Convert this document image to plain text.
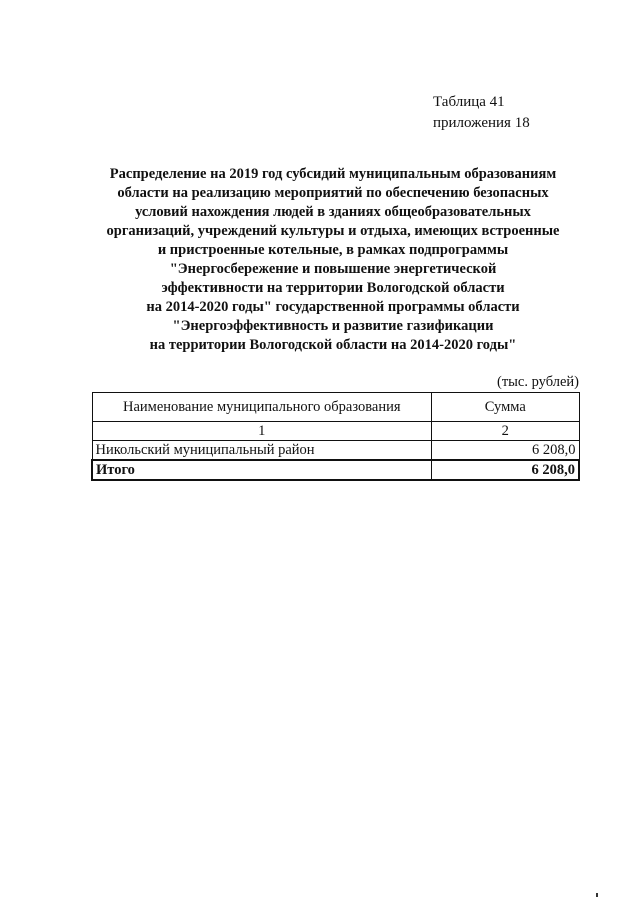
Таблица 41
приложения 18
Распределение на 2019 год субсидий муниципальным образованиям
области на реализацию мероприятий по обеспечению безопасных
условий нахождения людей в зданиях общеобразовательных
организаций, учреждений культуры и отдыха, имеющих встроенные
и пристроенные котельные, в рамках подпрограммы
"Энергосбережение и повышение энергетической
эффективности на территории Вологодской области
на 2014-2020 годы" государственной программы области
"Энергоэффективность и развитие газификации
на территории Вологодской области на 2014-2020 годы"
(тыс. рублей)
Наименование муниципального образования	Сумма
1	2
Никольский муниципальный район	6 208,0
Итого	6 208,0
